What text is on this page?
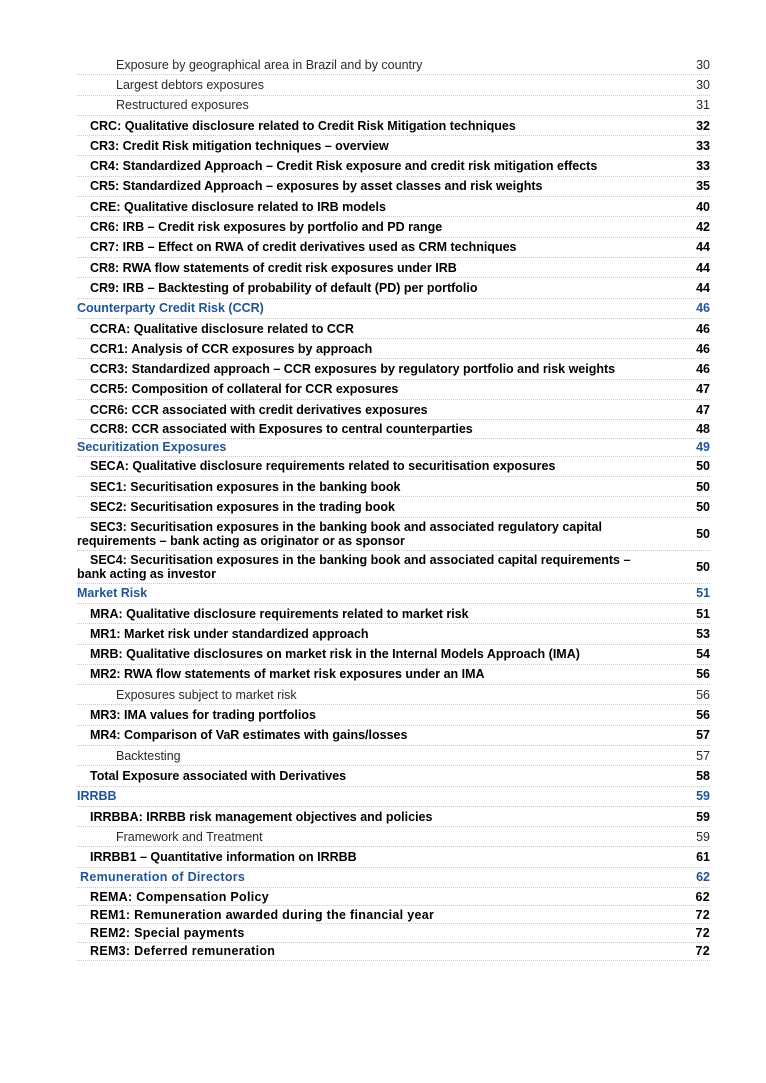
Exposure by geographical area in Brazil and by country	30
Largest debtors exposures	30
Restructured exposures	31
CRC: Qualitative disclosure related to Credit Risk Mitigation techniques	32
CR3: Credit Risk mitigation techniques – overview	33
CR4: Standardized Approach – Credit Risk exposure and credit risk mitigation effects	33
CR5: Standardized Approach – exposures by asset classes and risk weights	35
CRE: Qualitative disclosure related to IRB models	40
CR6: IRB – Credit risk exposures by portfolio and PD range	42
CR7: IRB – Effect on RWA of credit derivatives used as CRM techniques	44
CR8: RWA flow statements of credit risk exposures under IRB	44
CR9: IRB – Backtesting of probability of default (PD) per portfolio	44
Counterparty Credit Risk (CCR)	46
CCRA: Qualitative disclosure related to CCR	46
CCR1: Analysis of CCR exposures by approach	46
CCR3: Standardized approach – CCR exposures by regulatory portfolio and risk weights	46
CCR5: Composition of collateral for CCR exposures	47
CCR6: CCR associated with credit derivatives exposures	47
CCR8: CCR associated with Exposures to central counterparties	48
Securitization Exposures	49
SECA: Qualitative disclosure requirements related to securitisation exposures	50
SEC1: Securitisation exposures in the banking book	50
SEC2: Securitisation exposures in the trading book	50
SEC3: Securitisation exposures in the banking book and associated regulatory capital requirements – bank acting as originator or as sponsor	50
SEC4: Securitisation exposures in the banking book and associated capital requirements – bank acting as investor	50
Market Risk	51
MRA: Qualitative disclosure requirements related to market risk	51
MR1: Market risk under standardized approach	53
MRB: Qualitative disclosures on market risk in the Internal Models Approach (IMA)	54
MR2: RWA flow statements of market risk exposures under an IMA	56
Exposures subject to market risk	56
MR3: IMA values for trading portfolios	56
MR4: Comparison of VaR estimates with gains/losses	57
Backtesting	57
Total Exposure associated with Derivatives	58
IRRBB	59
IRRBBA: IRRBB risk management objectives and policies	59
Framework and Treatment	59
IRRBB1 – Quantitative information on IRRBB	61
Remuneration of Directors	62
REMA: Compensation Policy	62
REM1: Remuneration awarded during the financial year	72
REM2: Special payments	72
REM3: Deferred remuneration	72
